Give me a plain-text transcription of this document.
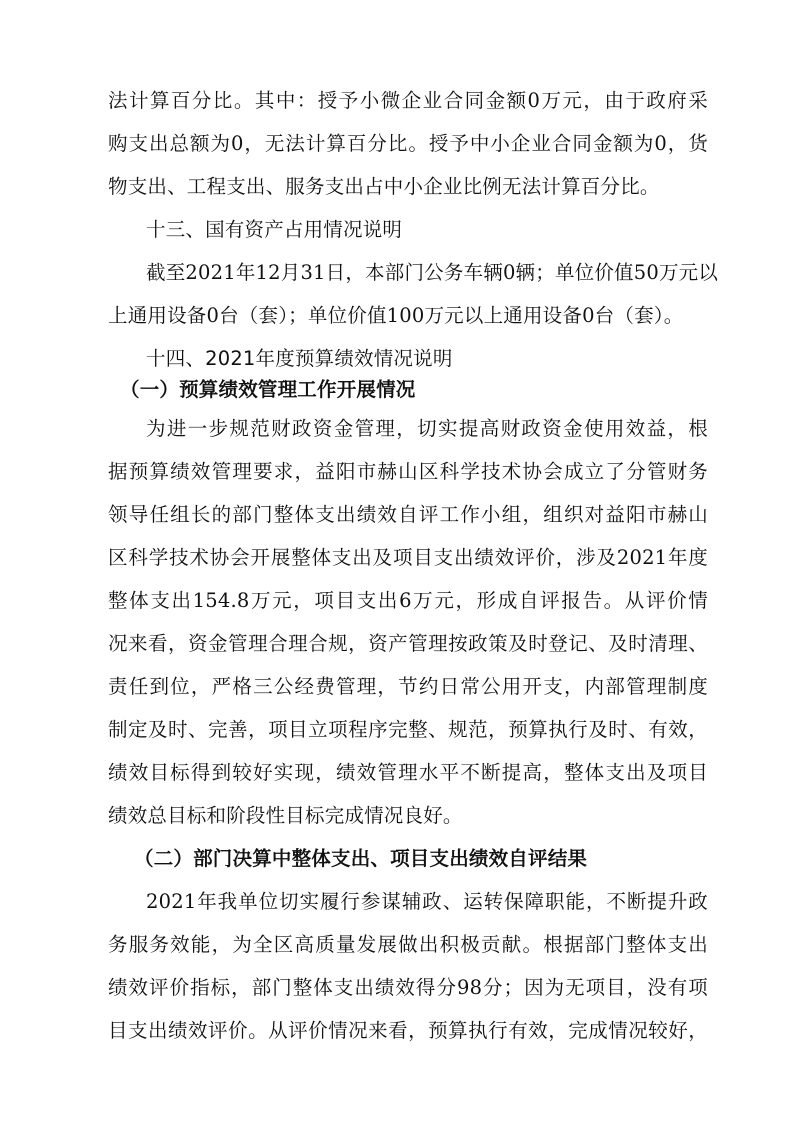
法计算百分比。其中：授予小微企业合同金额0万元，由于政府采
购支出总额为0，无法计算百分比。授予中小企业合同金额为0，货
物支出、工程支出、服务支出占中小企业比例无法计算百分比。
十三、国有资产占用情况说明
截至2021年12月31日，本部门公务车辆0辆；单位价值50万元以
上通用设备0台（套）；单位价值100万元以上通用设备0台（套）。
十四、2021年度预算绩效情况说明
（一）预算绩效管理工作开展情况
为进一步规范财政资金管理，切实提高财政资金使用效益，根
据预算绩效管理要求，益阳市赫山区科学技术协会成立了分管财务
领导任组长的部门整体支出绩效自评工作小组，组织对益阳市赫山
区科学技术协会开展整体支出及项目支出绩效评价，涉及2021年度
整体支出154.8万元，项目支出6万元，形成自评报告。从评价情
况来看，资金管理合理合规，资产管理按政策及时登记、及时清理、
责任到位，严格三公经费管理，节约日常公用开支，内部管理制度
制定及时、完善，项目立项程序完整、规范，预算执行及时、有效，
绩效目标得到较好实现，绩效管理水平不断提高，整体支出及项目
绩效总目标和阶段性目标完成情况良好。
（二）部门决算中整体支出、项目支出绩效自评结果
2021年我单位切实履行参谋辅政、运转保障职能，不断提升政
务服务效能，为全区高质量发展做出积极贡献。根据部门整体支出
绩效评价指标，部门整体支出绩效得分98分；因为无项目，没有项
目支出绩效评价。从评价情况来看，预算执行有效，完成情况较好，
